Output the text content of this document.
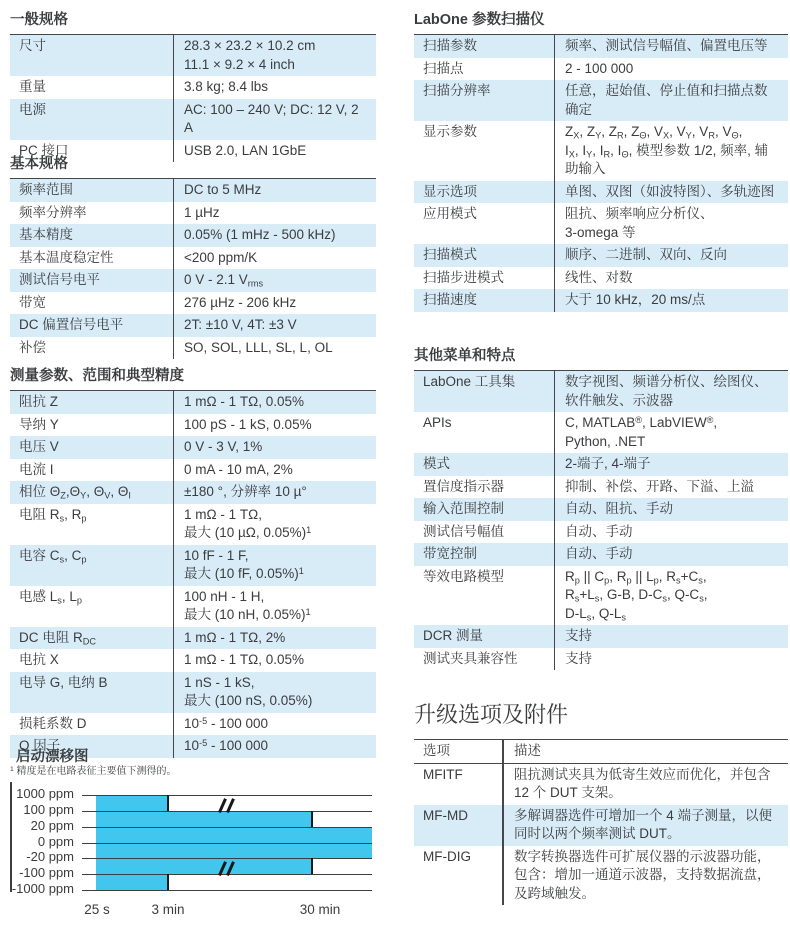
一般规格
尺寸	28.3 × 23.2 × 10.2 cm
11.1 × 9.2 × 4 inch
重量	3.8 kg; 8.4 lbs
电源	AC: 100 – 240 V; DC: 12 V, 2 A
PC 接口	USB 2.0, LAN 1GbE
基本规格
频率范围	DC to 5 MHz
频率分辨率	1 µHz
基本精度	0.05% (1 mHz - 500 kHz)
基本温度稳定性	<200 ppm/K
测试信号电平	0 V - 2.1 $V_{rms}$
带宽	276 µHz - 206 kHz
DC 偏置信号电平	2T: ±10 V, 4T: ±3 V
补偿	SO, SOL, LLL, SL, L, OL
测量参数、范围和典型精度
阻抗 Z	1 mΩ - 1 TΩ, 0.05%
导纳 Y	100 pS - 1 kS, 0.05%
电压 V	0 V - 3 V, 1%
电流 I	0 mA - 10 mA, 2%
相位 $\Theta_Z,\Theta_Y$, $\Theta_V$, $\Theta_I$	±180 °, 分辨率 10 µ°
电阻 $R_s$, $R_p$	1 mΩ - 1 TΩ,
最大 (10 µΩ, 0.05%)$^1$
电容 $C_s$, $C_p$	10 fF - 1 F,
最大 (10 fF, 0.05%)$^1$
电感 $L_s$, $L_p$	100 nH - 1 H,
最大 (10 nH, 0.05%)$^1$
DC 电阻 $R_{DC}$	1 mΩ - 1 TΩ, 2%
电抗 X	1 mΩ - 1 TΩ, 0.05%
电导 G, 电纳 B	1 nS - 1 kS,
最大 (100 nS, 0.05%)
损耗系数 D	$10^{-5} - 100$ 000
Q 因子	$10^{-5} - 100$ 000
$^1$ 精度是在电路表征主要值下测得的。
启动漂移图
1000 ppm
100 ppm
20 ppm
0 ppm
-20 ppm
-100 ppm
-1000 ppm
25 s	3 min	30 min
LabOne 参数扫描仪
扫描参数	频率、测试信号幅值、偏置电压等
扫描点	2 - 100 000
扫描分辨率	任意，起始值、停止值和扫描点数确定
显示参数	$Z_X$, $Z_Y$, $Z_R$, $Z_\Theta$, $V_X$, $V_Y$, $V_R$, $V_\Theta$,
$I_X$, $I_Y$, $I_R$, $I_\Theta$, 模型参数 1/2, 频率, 辅助输入
显示选项	单图、双图（如波特图）、多轨迹图
应用模式	阻抗、频率响应分析仪、
3-omega 等
扫描模式	顺序、二进制、双向、反向
扫描步进模式	线性、对数
扫描速度	大于 10 kHz，20 ms/点
其他菜单和特点
LabOne 工具集	数字视图、频谱分析仪、绘图仪、软件触发、示波器
APIs	C, MATLAB®, LabVIEW®,
Python, .NET
模式	2-端子, 4-端子
置信度指示器	抑制、补偿、开路、下溢、上溢
输入范围控制	自动、阻抗、手动
测试信号幅值	自动、手动
带宽控制	自动、手动
等效电路模型	$R_p$ || $C_p$, $R_p$ || $L_p$, $R_s+C_s$,
$R_s+L_s$, G-B, $D-C_s$, $Q-C_s$,
$D-L_s$, $Q-L_s$
DCR 测量	支持
测试夹具兼容性	支持
升级选项及附件
选项	描述
MFITF	阻抗测试夹具为低寄生效应而优化，并包含 12 个 DUT 支架。
MF-MD	多解调器选件可增加一个 4 端子测量，以便同时以两个频率测试 DUT。
MF-DIG	数字转换器选件可扩展仪器的示波器功能，包含：增加一通道示波器，支持数据流盘，及跨域触发。
